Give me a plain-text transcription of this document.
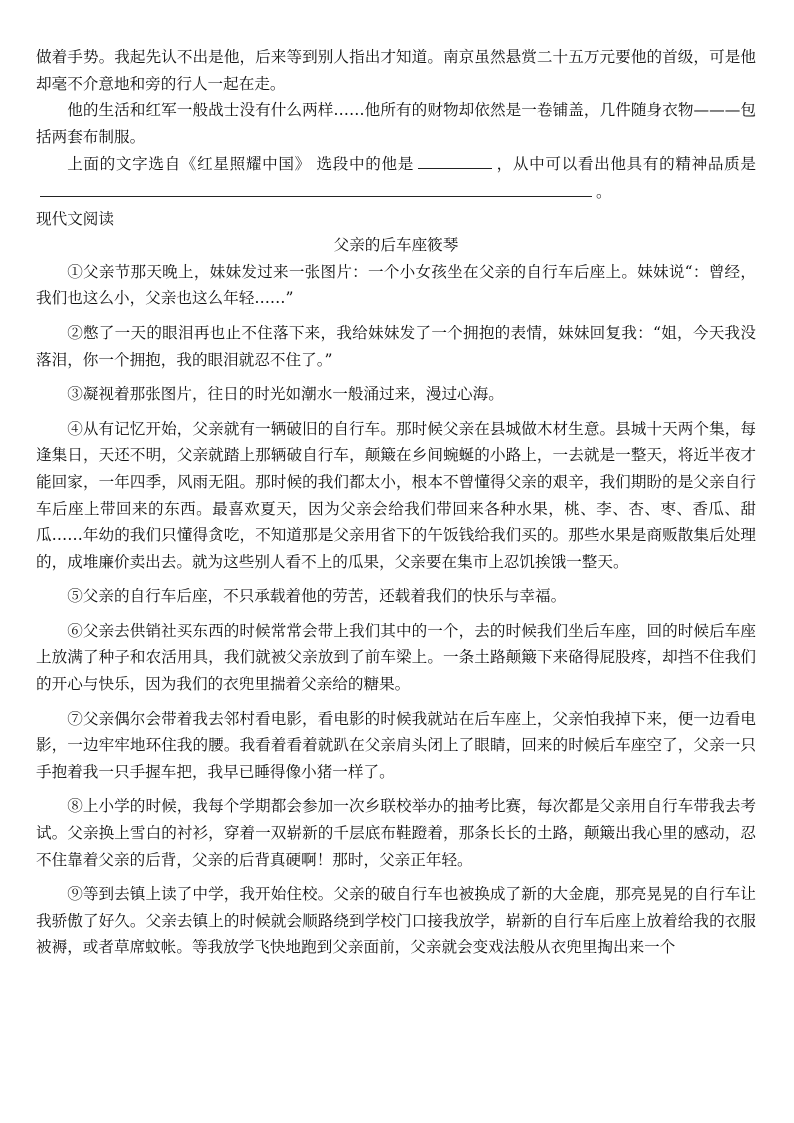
做着手势。我起先认不出是他，后来等到别人指出才知道。南京虽然悬赏二十五万元要他的首级，可是他却毫不介意地和旁的行人一起在走。

他的生活和红军一般战士没有什么两样……他所有的财物却依然是一卷铺盖，几件随身衣物———包括两套布制服。

上面的文字选自《红星照耀中国》 选段中的他是	，从中可以看出他具有的精神品质是。

现代文阅读

父亲的后车座筱琴

①父亲节那天晚上，妹妹发过来一张图片：一个小女孩坐在父亲的自行车后座上。妹妹说“：曾经，我们也这么小，父亲也这么年轻……”

②憋了一天的眼泪再也止不住落下来，我给妹妹发了一个拥抱的表情，妹妹回复我：“姐，今天我没落泪，你一个拥抱，我的眼泪就忍不住了。”

③凝视着那张图片，往日的时光如潮水一般涌过来，漫过心海。

④从有记忆开始，父亲就有一辆破旧的自行车。那时候父亲在县城做木材生意。县城十天两个集，每逢集日，天还不明，父亲就踏上那辆破自行车，颠簸在乡间蜿蜒的小路上，一去就是一整天，将近半夜才能回家，一年四季，风雨无阻。那时候的我们都太小，根本不曾懂得父亲的艰辛，我们期盼的是父亲自行车后座上带回来的东西。最喜欢夏天，因为父亲会给我们带回来各种水果，桃、李、杏、枣、香瓜、甜瓜……年幼的我们只懂得贪吃，不知道那是父亲用省下的午饭钱给我们买的。那些水果是商贩散集后处理的，成堆廉价卖出去。就为这些别人看不上的瓜果，父亲要在集市上忍饥挨饿一整天。

⑤父亲的自行车后座，不只承载着他的劳苦，还载着我们的快乐与幸福。

⑥父亲去供销社买东西的时候常常会带上我们其中的一个，去的时候我们坐后车座，回的时候后车座上放满了种子和农活用具，我们就被父亲放到了前车梁上。一条土路颠簸下来硌得屁股疼，却挡不住我们的开心与快乐，因为我们的衣兜里揣着父亲给的糖果。

⑦父亲偶尔会带着我去邻村看电影，看电影的时候我就站在后车座上，父亲怕我掉下来，便一边看电影，一边牢牢地环住我的腰。我看着看着就趴在父亲肩头闭上了眼睛，回来的时候后车座空了，父亲一只手抱着我一只手握车把，我早已睡得像小猪一样了。

⑧上小学的时候，我每个学期都会参加一次乡联校举办的抽考比赛，每次都是父亲用自行车带我去考试。父亲换上雪白的衬衫，穿着一双崭新的千层底布鞋蹬着，那条长长的土路，颠簸出我心里的感动，忍不住靠着父亲的后背，父亲的后背真硬啊！那时，父亲正年轻。

⑨等到去镇上读了中学，我开始住校。父亲的破自行车也被换成了新的大金鹿，那亮晃晃的自行车让我骄傲了好久。父亲去镇上的时候就会顺路绕到学校门口接我放学，崭新的自行车后座上放着给我的衣服被褥，或者草席蚊帐。等我放学飞快地跑到父亲面前，父亲就会变戏法般从衣兜里掏出来一个
